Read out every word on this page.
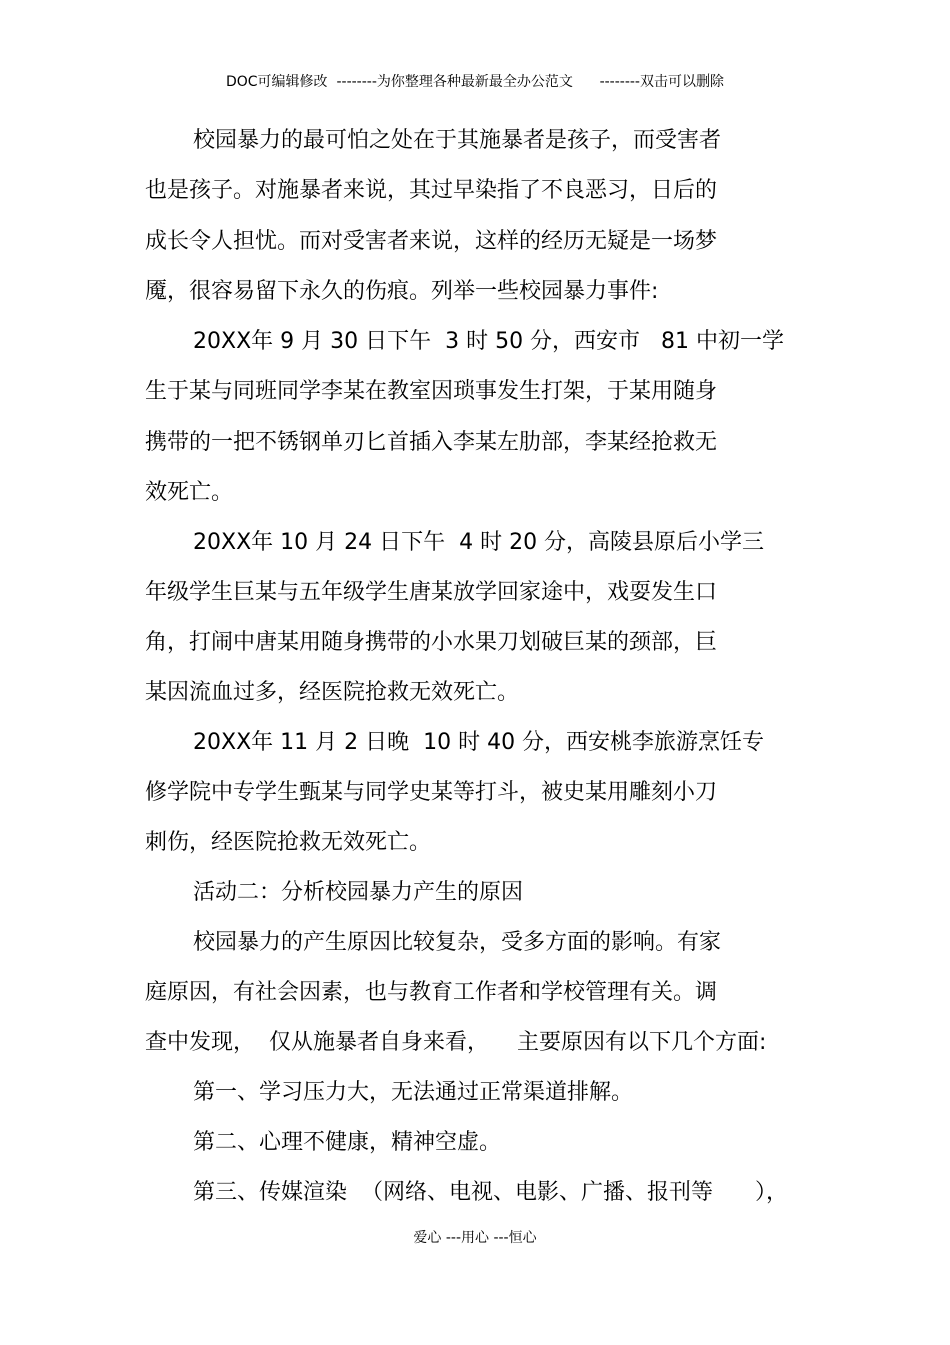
DOC可编辑修改  --------为你整理各种最新最全办公范文      --------双击可以删除
校园暴力的最可怕之处在于其施暴者是孩子，而受害者
也是孩子。对施暴者来说，其过早染指了不良恶习，日后的
成长令人担忧。而对受害者来说，这样的经历无疑是一场梦
魇，很容易留下永久的伤痕。列举一些校园暴力事件:
20XX年 9 月 30 日下午  3 时 50 分，西安市   81 中初一学
生于某与同班同学李某在教室因琐事发生打架，于某用随身
携带的一把不锈钢单刃匕首插入李某左肋部，李某经抢救无
效死亡。
20XX年 10 月 24 日下午  4 时 20 分，高陵县原后小学三
年级学生巨某与五年级学生唐某放学回家途中，戏耍发生口
角，打闹中唐某用随身携带的小水果刀划破巨某的颈部，巨
某因流血过多，经医院抢救无效死亡。
20XX年 11 月 2 日晚  10 时 40 分，西安桃李旅游烹饪专
修学院中专学生甄某与同学史某等打斗，被史某用雕刻小刀
刺伤，经医院抢救无效死亡。
活动二：分析校园暴力产生的原因
校园暴力的产生原因比较复杂，受多方面的影响。有家
庭原因，有社会因素，也与教育工作者和学校管理有关。调
查中发现，  仅从施暴者自身来看，    主要原因有以下几个方面:
第一、学习压力大，无法通过正常渠道排解。
第二、心理不健康，精神空虚。
第三、传媒渲染  （网络、电视、电影、广播、报刊等      ），
爱心 ---用心 ---恒心
